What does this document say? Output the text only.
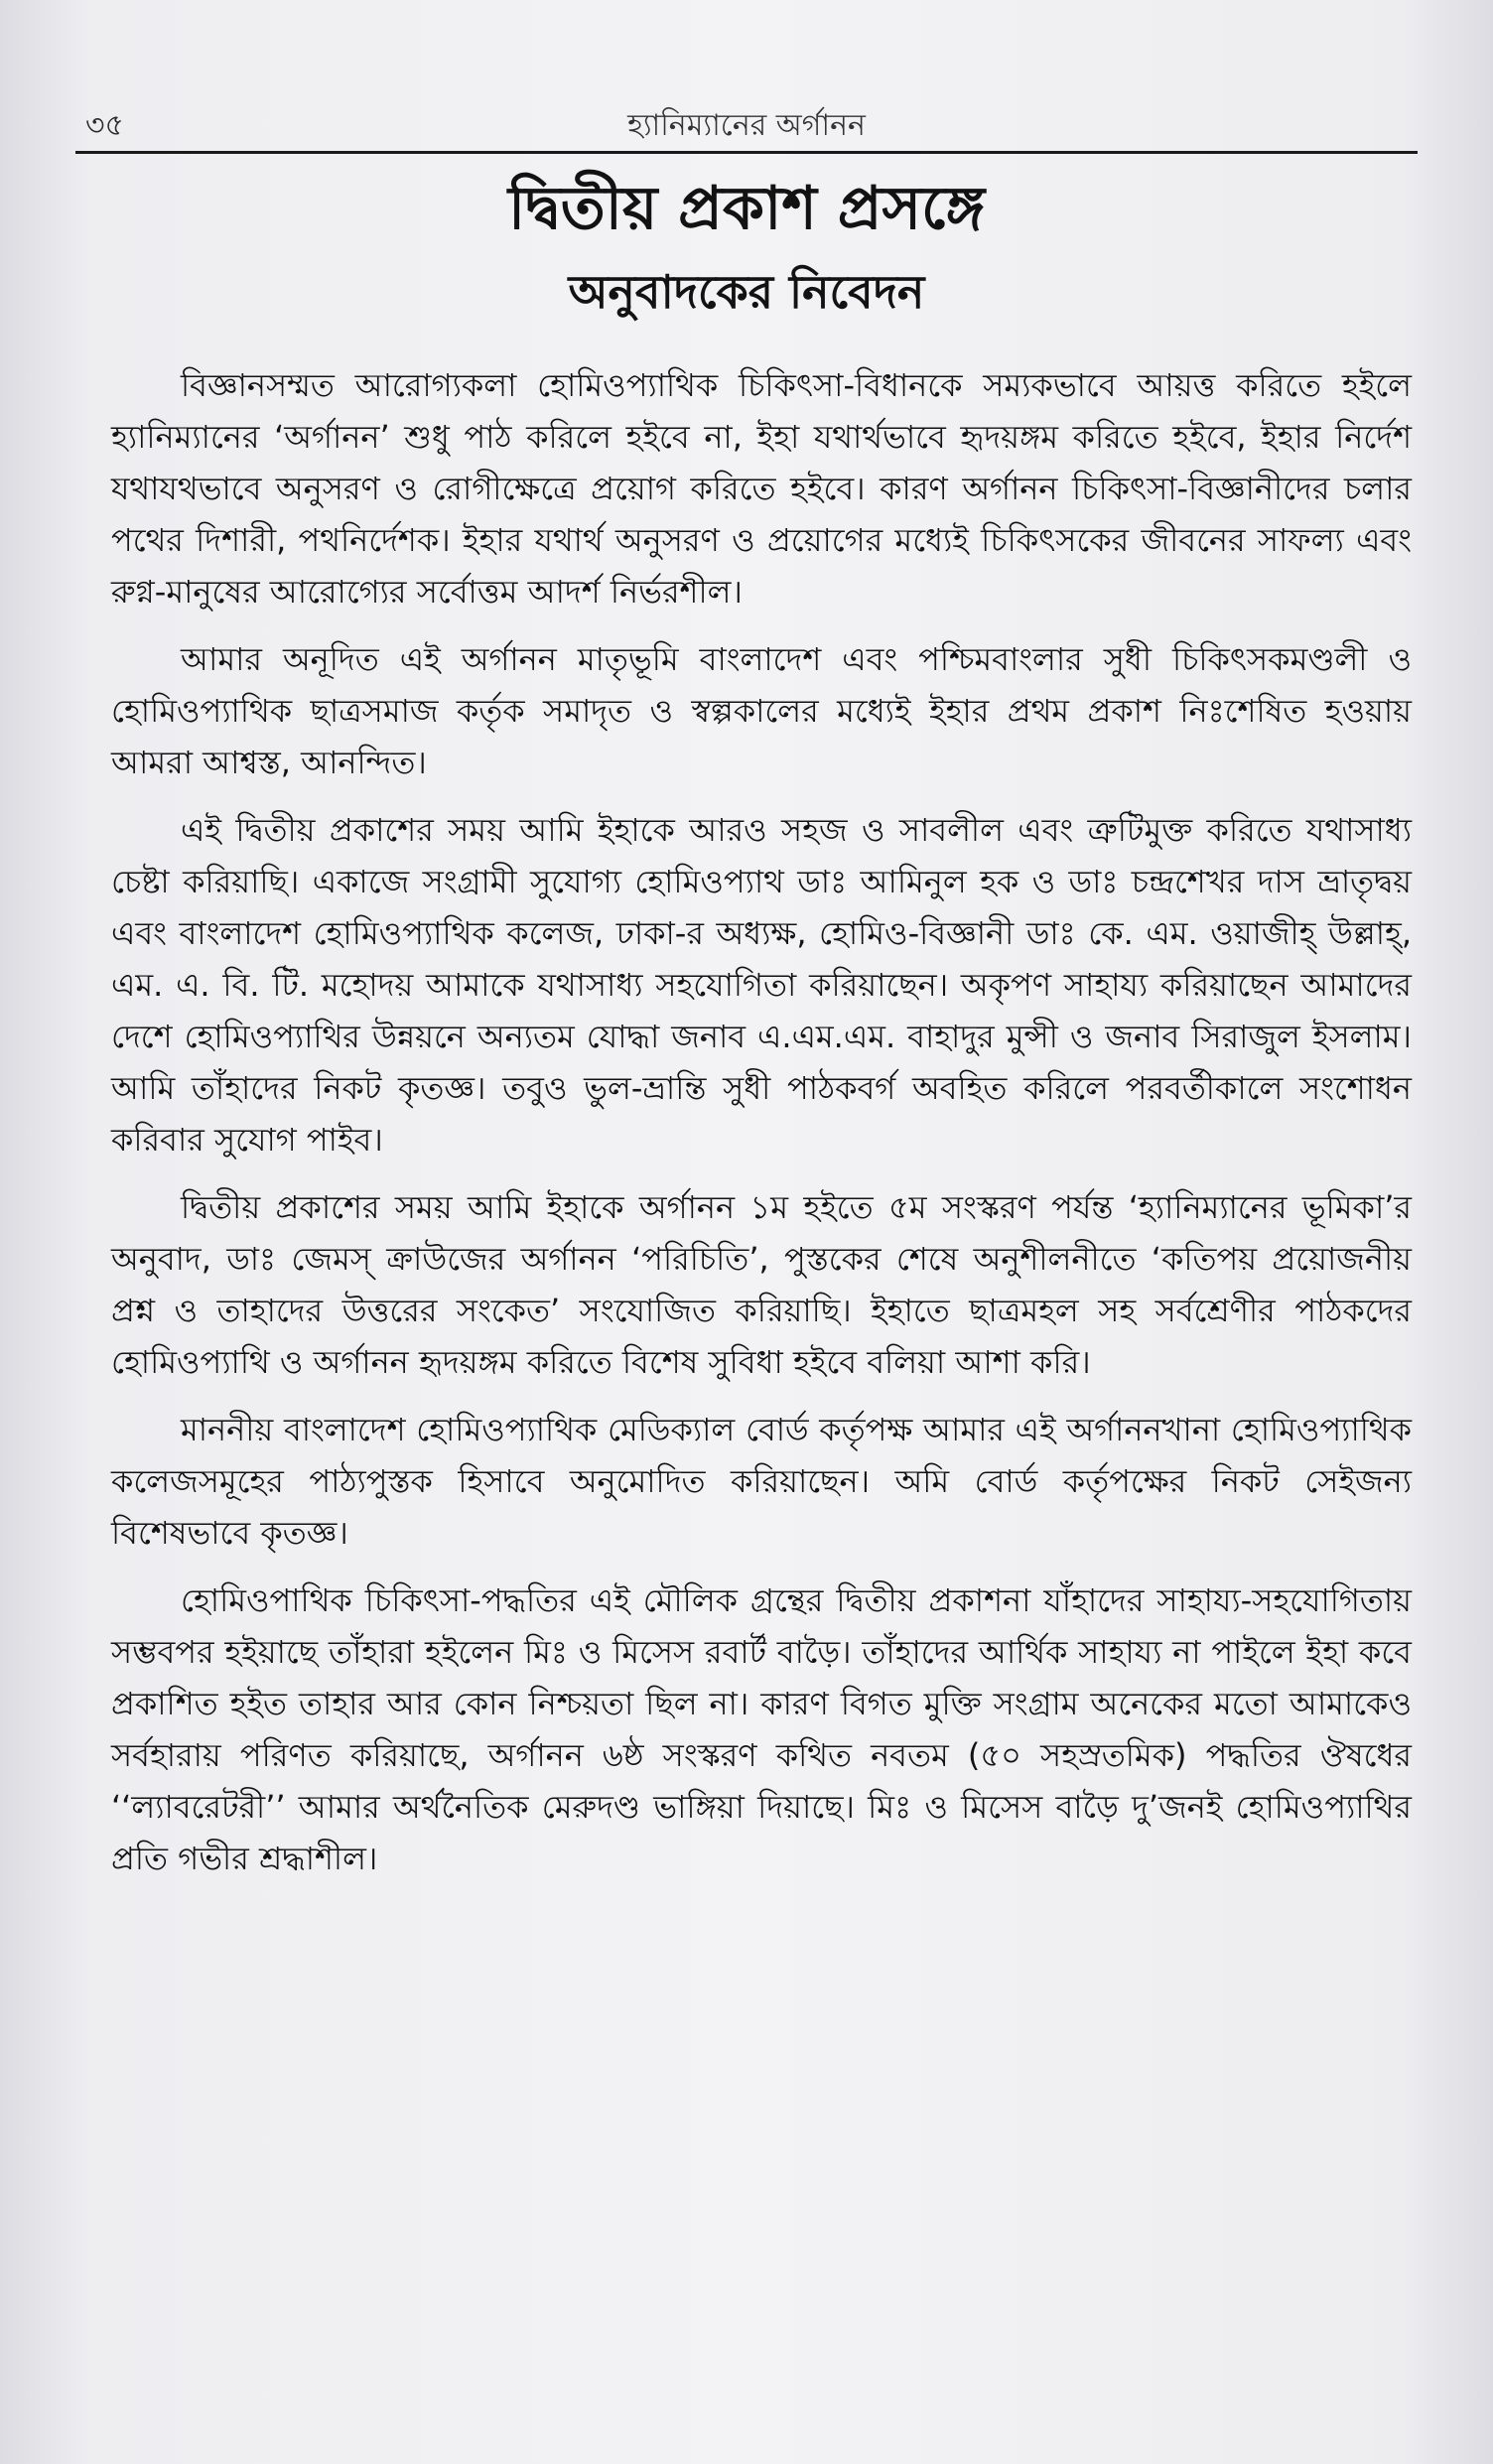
৩৫	হ্যানিম্যানের অর্গানন
দ্বিতীয় প্রকাশ প্রসঙ্গে
অনুবাদকের নিবেদন

বিজ্ঞানসম্মত আরোগ্যকলা হোমিওপ্যাথিক চিকিৎসা-বিধানকে সম্যকভাবে আয়ত্ত করিতে হইলে হ্যানিম্যানের ‘অর্গানন’ শুধু পাঠ করিলে হইবে না, ইহা যথার্থভাবে হৃদয়ঙ্গম করিতে হইবে, ইহার নির্দেশ যথাযথভাবে অনুসরণ ও রোগীক্ষেত্রে প্রয়োগ করিতে হইবে। কারণ অর্গানন চিকিৎসা-বিজ্ঞানীদের চলার পথের দিশারী, পথনির্দেশক। ইহার যথার্থ অনুসরণ ও প্রয়োগের মধ্যেই চিকিৎসকের জীবনের সাফল্য এবং রুগ্ন-মানুষের আরোগ্যের সর্বোত্তম আদর্শ নির্ভরশীল।

আমার অনূদিত এই অর্গানন মাতৃভূমি বাংলাদেশ এবং পশ্চিমবাংলার সুধী চিকিৎসকমণ্ডলী ও হোমিওপ্যাথিক ছাত্রসমাজ কর্তৃক সমাদৃত ও স্বল্পকালের মধ্যেই ইহার প্রথম প্রকাশ নিঃশেষিত হওয়ায় আমরা আশ্বস্ত, আনন্দিত।

এই দ্বিতীয় প্রকাশের সময় আমি ইহাকে আরও সহজ ও সাবলীল এবং ত্রুটিমুক্ত করিতে যথাসাধ্য চেষ্টা করিয়াছি। একাজে সংগ্রামী সুযোগ্য হোমিওপ্যাথ ডাঃ আমিনুল হক ও ডাঃ চন্দ্রশেখর দাস ভ্রাতৃদ্বয় এবং বাংলাদেশ হোমিওপ্যাথিক কলেজ, ঢাকা-র অধ্যক্ষ, হোমিও-বিজ্ঞানী ডাঃ কে. এম. ওয়াজীহ্ উল্লাহ্, এম. এ. বি. টি. মহোদয় আমাকে যথাসাধ্য সহযোগিতা করিয়াছেন। অকৃপণ সাহায্য করিয়াছেন আমাদের দেশে হোমিওপ্যাথির উন্নয়নে অন্যতম যোদ্ধা জনাব এ.এম.এম. বাহাদুর মুন্সী ও জনাব সিরাজুল ইসলাম। আমি তাঁহাদের নিকট কৃতজ্ঞ। তবুও ভুল-ভ্রান্তি সুধী পাঠকবর্গ অবহিত করিলে পরবর্তীকালে সংশোধন করিবার সুযোগ পাইব।

দ্বিতীয় প্রকাশের সময় আমি ইহাকে অর্গানন ১ম হইতে ৫ম সংস্করণ পর্যন্ত ‘হ্যানিম্যানের ভূমিকা’র অনুবাদ, ডাঃ জেমস্ ক্রাউজের অর্গানন ‘পরিচিতি’, পুস্তকের শেষে অনুশীলনীতে ‘কতিপয় প্রয়োজনীয় প্রশ্ন ও তাহাদের উত্তরের সংকেত’ সংযোজিত করিয়াছি। ইহাতে ছাত্রমহল সহ সর্বশ্রেণীর পাঠকদের হোমিওপ্যাথি ও অর্গানন হৃদয়ঙ্গম করিতে বিশেষ সুবিধা হইবে বলিয়া আশা করি।

মাননীয় বাংলাদেশ হোমিওপ্যাথিক মেডিক্যাল বোর্ড কর্তৃপক্ষ আমার এই অর্গাননখানা হোমিওপ্যাথিক কলেজসমূহের পাঠ্যপুস্তক হিসাবে অনুমোদিত করিয়াছেন। অমি বোর্ড কর্তৃপক্ষের নিকট সেইজন্য বিশেষভাবে কৃতজ্ঞ।

হোমিওপাথিক চিকিৎসা-পদ্ধতির এই মৌলিক গ্রন্থের দ্বিতীয় প্রকাশনা যাঁহাদের সাহায্য-সহযোগিতায় সম্ভবপর হইয়াছে তাঁহারা হইলেন মিঃ ও মিসেস রবার্ট বাড়ৈ। তাঁহাদের আর্থিক সাহায্য না পাইলে ইহা কবে প্রকাশিত হইত তাহার আর কোন নিশ্চয়তা ছিল না। কারণ বিগত মুক্তি সংগ্রাম অনেকের মতো আমাকেও সর্বহারায় পরিণত করিয়াছে, অর্গানন ৬ষ্ঠ সংস্করণ কথিত নবতম (৫০ সহস্রতমিক) পদ্ধতির ঔষধের ‘‘ল্যাবরেটরী’’ আমার অর্থনৈতিক মেরুদণ্ড ভাঙ্গিয়া দিয়াছে। মিঃ ও মিসেস বাড়ৈ দু’জনই হোমিওপ্যাথির প্রতি গভীর শ্রদ্ধাশীল।
